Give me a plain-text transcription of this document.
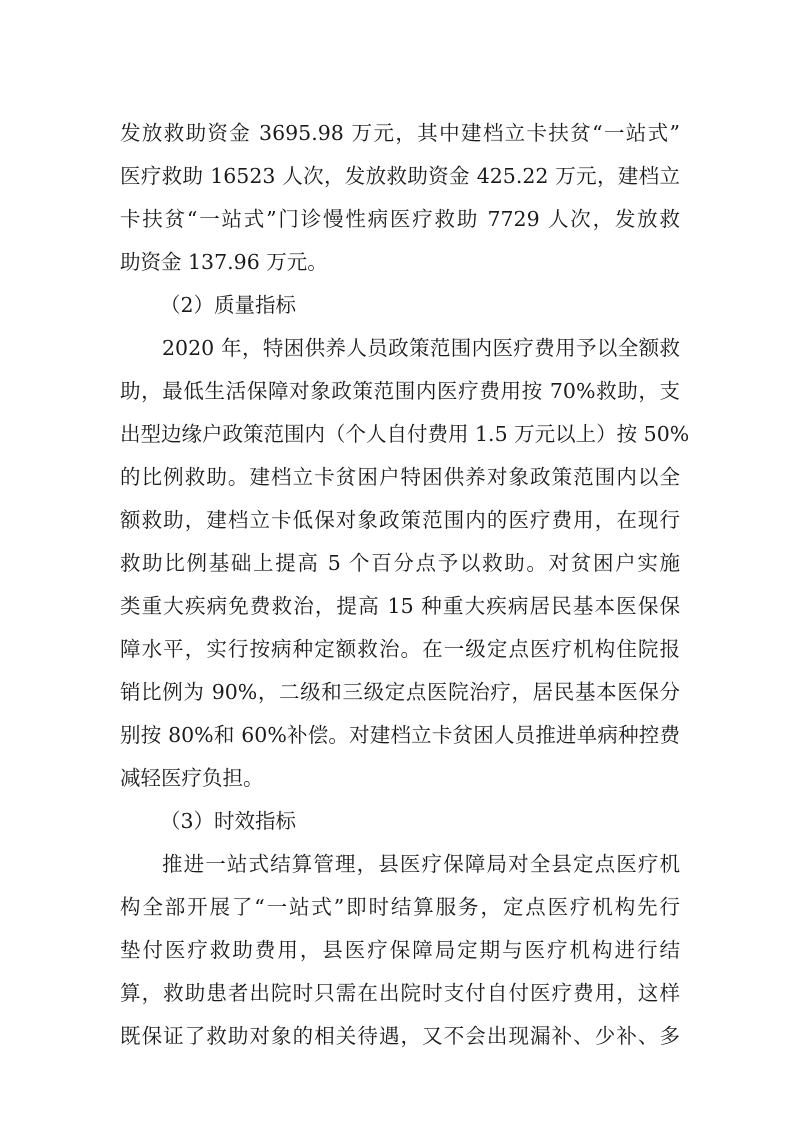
发放救助资金 3695.98 万元，其中建档立卡扶贫“一站式”
医疗救助 16523 人次，发放救助资金 425.22 万元，建档立
卡扶贫“一站式”门诊慢性病医疗救助 7729 人次，发放救
助资金 137.96 万元。
（2）质量指标
2020 年，特困供养人员政策范围内医疗费用予以全额救
助，最低生活保障对象政策范围内医疗费用按 70%救助，支
出型边缘户政策范围内（个人自付费用 1.5 万元以上）按 50%
的比例救助。建档立卡贫困户特困供养对象政策范围内以全
额救助，建档立卡低保对象政策范围内的医疗费用，在现行
救助比例基础上提高 5 个百分点予以救助。对贫困户实施
类重大疾病免费救治，提高 15 种重大疾病居民基本医保保
障水平，实行按病种定额救治。在一级定点医疗机构住院报
销比例为 90%，二级和三级定点医院治疗，居民基本医保分
别按 80%和 60%补偿。对建档立卡贫困人员推进单病种控费
减轻医疗负担。
（3）时效指标
推进一站式结算管理，县医疗保障局对全县定点医疗机
构全部开展了“一站式”即时结算服务，定点医疗机构先行
垫付医疗救助费用，县医疗保障局定期与医疗机构进行结
算，救助患者出院时只需在出院时支付自付医疗费用，这样
既保证了救助对象的相关待遇，又不会出现漏补、少补、多
